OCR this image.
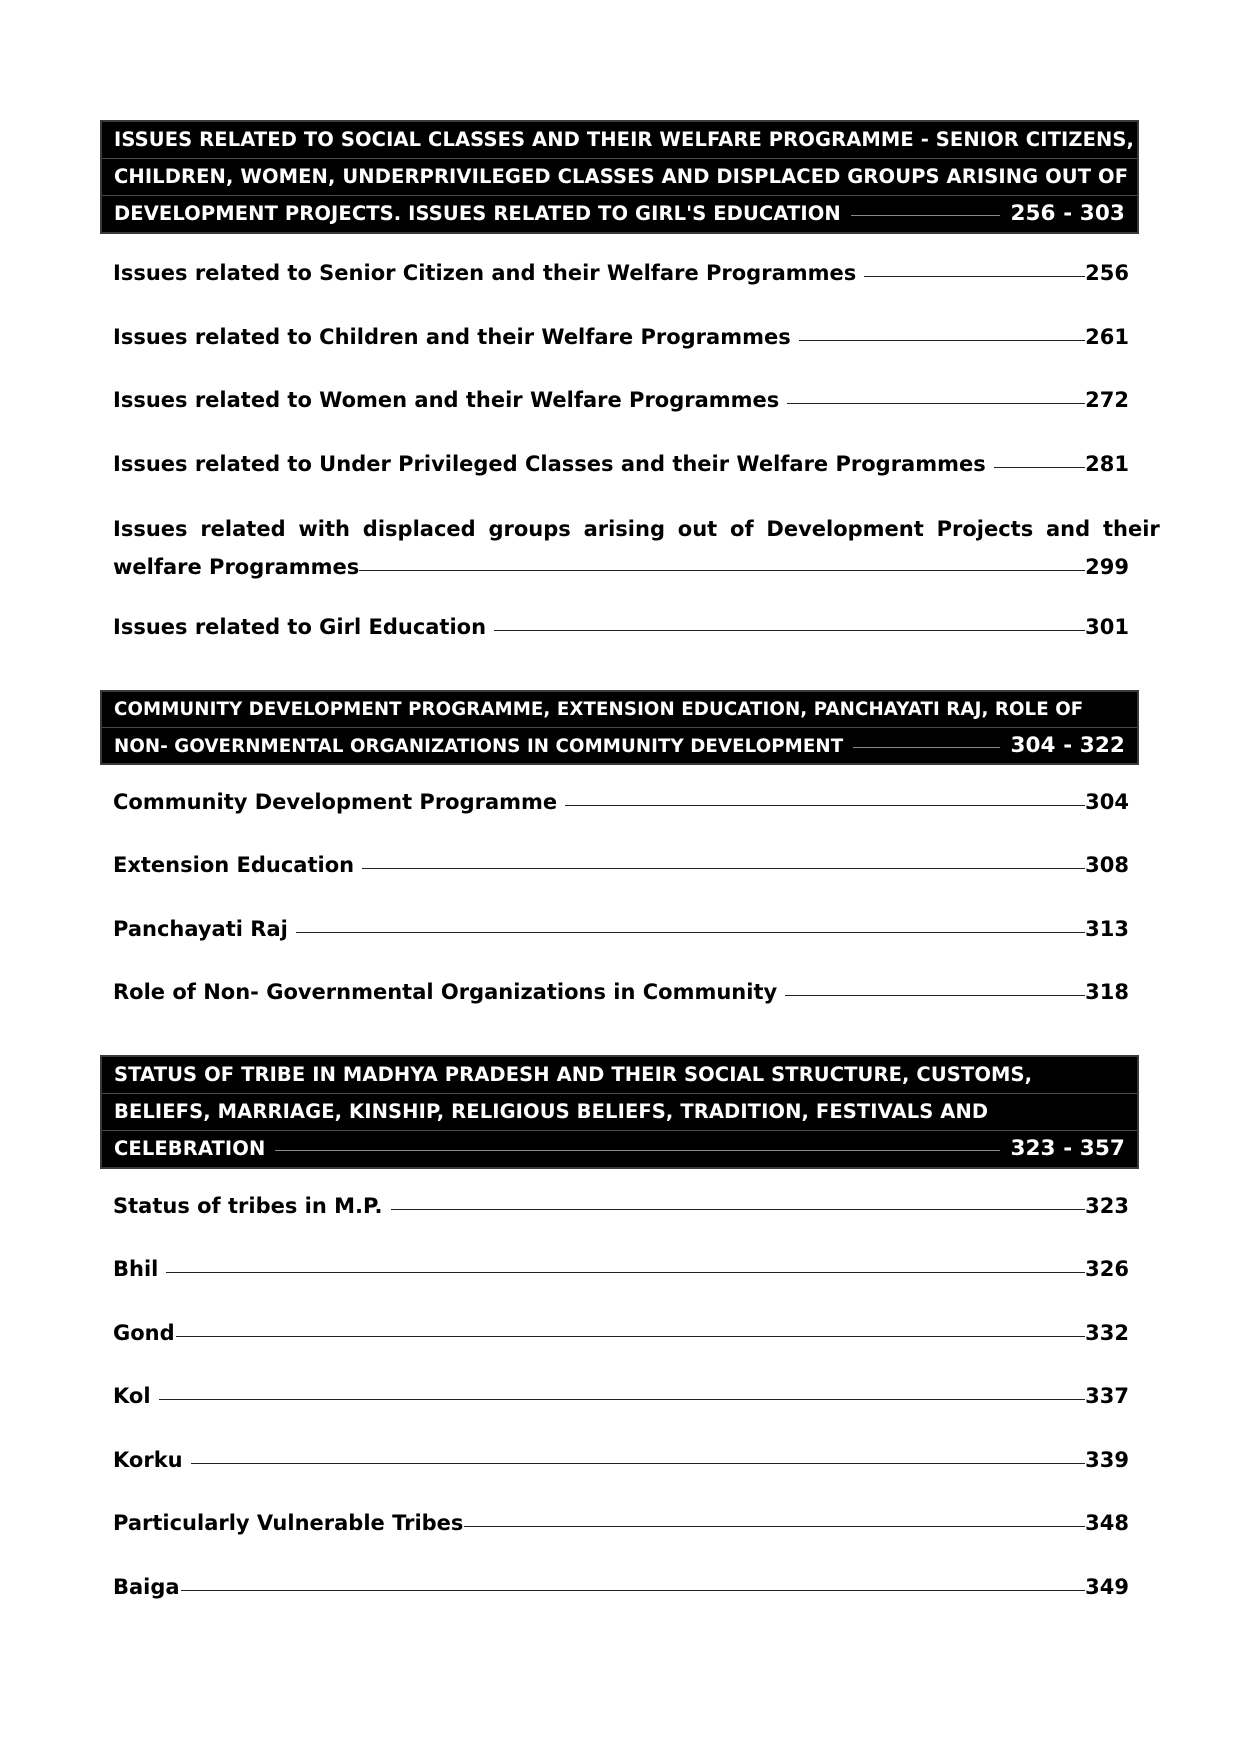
ISSUES RELATED TO SOCIAL CLASSES AND THEIR WELFARE PROGRAMME - SENIOR CITIZENS,
CHILDREN, WOMEN, UNDERPRIVILEGED CLASSES AND DISPLACED GROUPS ARISING OUT OF
DEVELOPMENT PROJECTS. ISSUES RELATED TO GIRL'S EDUCATION	256 - 303
Issues related to Senior Citizen and their Welfare Programmes	256
Issues related to Children and their Welfare Programmes	261
Issues related to Women and their Welfare Programmes	272
Issues related to Under Privileged Classes and their Welfare Programmes	281
Issues related with displaced groups arising out of Development Projects and their
welfare Programmes	299
Issues related to Girl Education	301
COMMUNITY DEVELOPMENT PROGRAMME, EXTENSION EDUCATION, PANCHAYATI RAJ, ROLE OF
NON- GOVERNMENTAL ORGANIZATIONS IN COMMUNITY DEVELOPMENT	304 - 322
Community Development Programme	304
Extension Education	308
Panchayati Raj	313
Role of Non- Governmental Organizations in Community	318
STATUS OF TRIBE IN MADHYA PRADESH AND THEIR SOCIAL STRUCTURE, CUSTOMS,
BELIEFS, MARRIAGE, KINSHIP, RELIGIOUS BELIEFS, TRADITION, FESTIVALS AND
CELEBRATION	323 - 357
Status of tribes in M.P.	323
Bhil	326
Gond	332
Kol	337
Korku	339
Particularly Vulnerable Tribes	348
Baiga	349
